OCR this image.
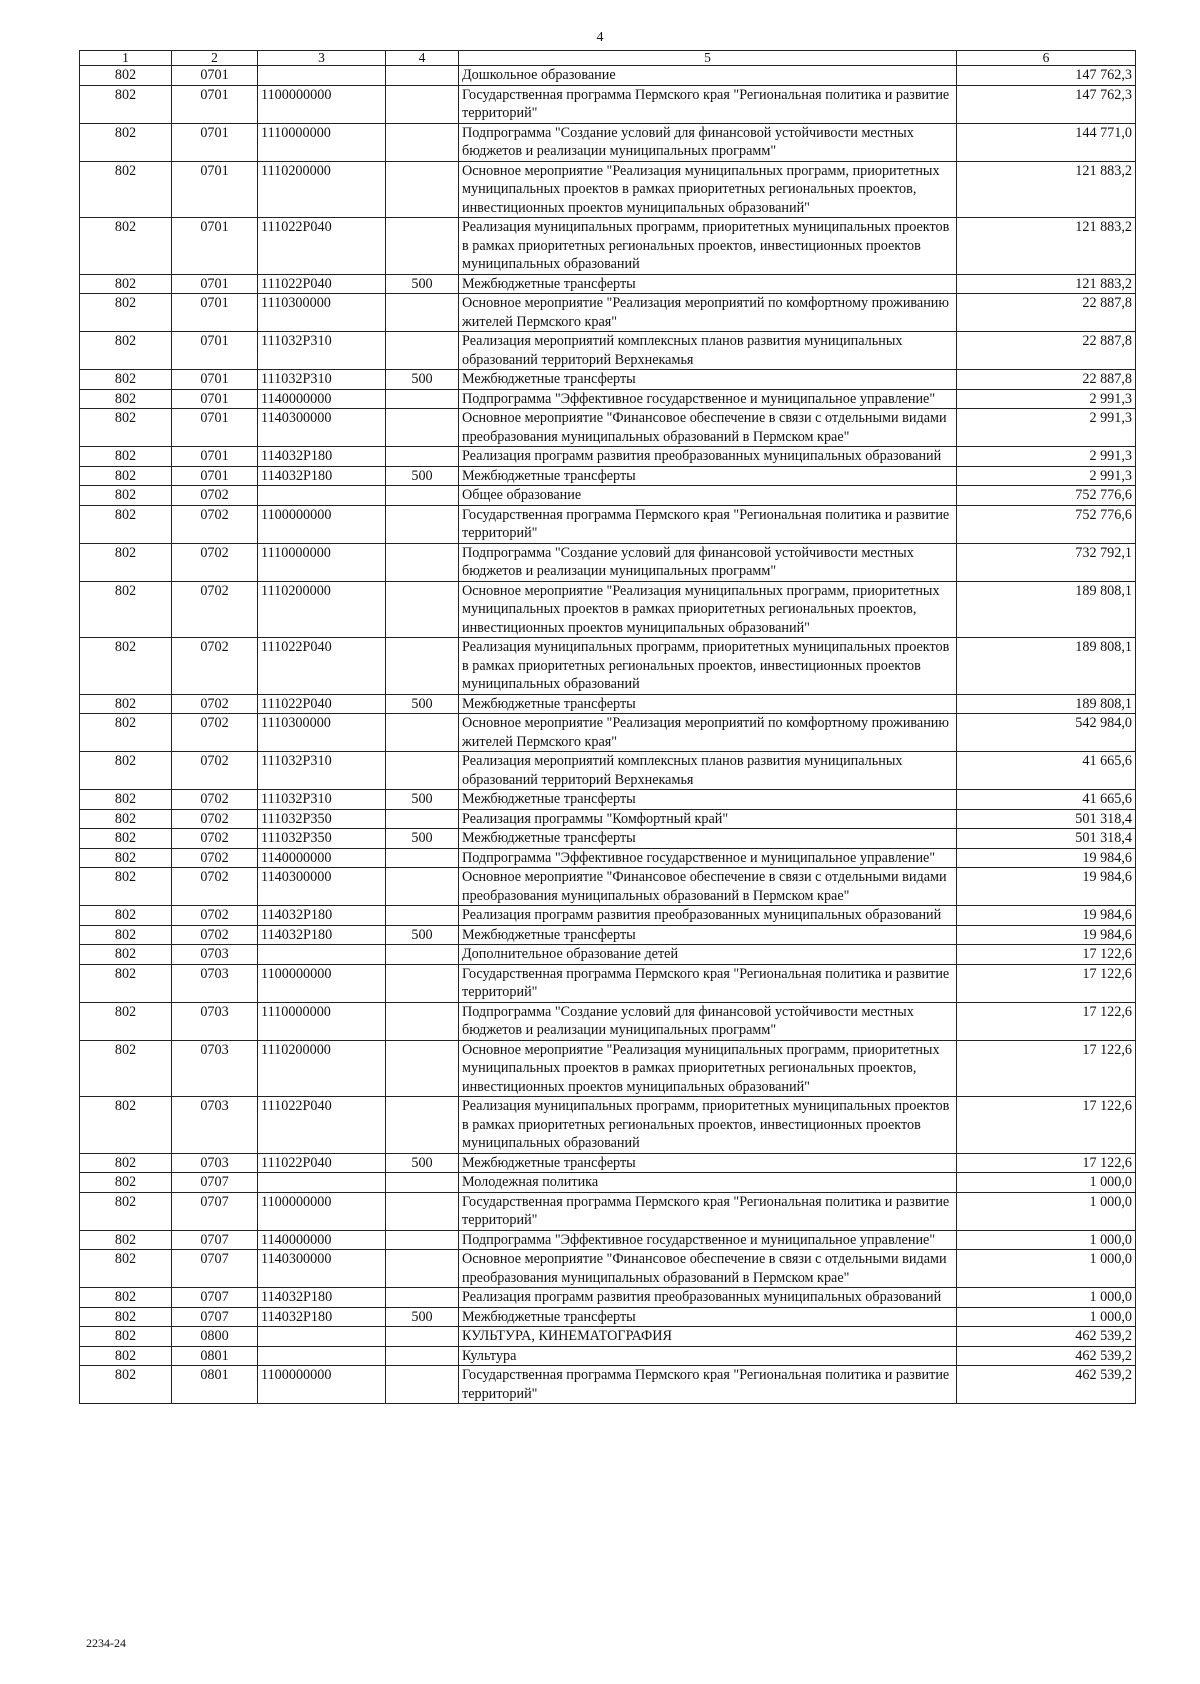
4
1	2	3	4	5	6
802	0701			Дошкольное образование	147 762,3
802	0701	1100000000		Государственная программа Пермского края "Региональная политика и развитие территорий"	147 762,3
802	0701	1110000000		Подпрограмма "Создание условий для финансовой устойчивости местных бюджетов и реализации муниципальных программ"	144 771,0
802	0701	1110200000		Основное мероприятие "Реализация муниципальных программ, приоритетных муниципальных проектов в рамках приоритетных региональных проектов, инвестиционных проектов муниципальных образований"	121 883,2
802	0701	111022P040		Реализация муниципальных программ, приоритетных муниципальных проектов в рамках приоритетных региональных проектов, инвестиционных проектов муниципальных образований	121 883,2
802	0701	111022P040	500	Межбюджетные трансферты	121 883,2
802	0701	1110300000		Основное мероприятие "Реализация мероприятий по комфортному проживанию жителей Пермского края"	22 887,8
802	0701	111032P310		Реализация мероприятий комплексных планов развития муниципальных образований территорий Верхнекамья	22 887,8
802	0701	111032P310	500	Межбюджетные трансферты	22 887,8
802	0701	1140000000		Подпрограмма "Эффективное государственное и муниципальное управление"	2 991,3
802	0701	1140300000		Основное мероприятие "Финансовое обеспечение в связи с отдельными видами преобразования муниципальных образований в Пермском крае"	2 991,3
802	0701	114032P180		Реализация программ развития преобразованных муниципальных образований	2 991,3
802	0701	114032P180	500	Межбюджетные трансферты	2 991,3
802	0702			Общее образование	752 776,6
802	0702	1100000000		Государственная программа Пермского края "Региональная политика и развитие территорий"	752 776,6
802	0702	1110000000		Подпрограмма "Создание условий для финансовой устойчивости местных бюджетов и реализации муниципальных программ"	732 792,1
802	0702	1110200000		Основное мероприятие "Реализация муниципальных программ, приоритетных муниципальных проектов в рамках приоритетных региональных проектов, инвестиционных проектов муниципальных образований"	189 808,1
802	0702	111022P040		Реализация муниципальных программ, приоритетных муниципальных проектов в рамках приоритетных региональных проектов, инвестиционных проектов муниципальных образований	189 808,1
802	0702	111022P040	500	Межбюджетные трансферты	189 808,1
802	0702	1110300000		Основное мероприятие "Реализация мероприятий по комфортному проживанию жителей Пермского края"	542 984,0
802	0702	111032P310		Реализация мероприятий комплексных планов развития муниципальных образований территорий Верхнекамья	41 665,6
802	0702	111032P310	500	Межбюджетные трансферты	41 665,6
802	0702	111032P350		Реализация программы "Комфортный край"	501 318,4
802	0702	111032P350	500	Межбюджетные трансферты	501 318,4
802	0702	1140000000		Подпрограмма "Эффективное государственное и муниципальное управление"	19 984,6
802	0702	1140300000		Основное мероприятие "Финансовое обеспечение в связи с отдельными видами преобразования муниципальных образований в Пермском крае"	19 984,6
802	0702	114032P180		Реализация программ развития преобразованных муниципальных образований	19 984,6
802	0702	114032P180	500	Межбюджетные трансферты	19 984,6
802	0703			Дополнительное образование детей	17 122,6
802	0703	1100000000		Государственная программа Пермского края "Региональная политика и развитие территорий"	17 122,6
802	0703	1110000000		Подпрограмма "Создание условий для финансовой устойчивости местных бюджетов и реализации муниципальных программ"	17 122,6
802	0703	1110200000		Основное мероприятие "Реализация муниципальных программ, приоритетных муниципальных проектов в рамках приоритетных региональных проектов, инвестиционных проектов муниципальных образований"	17 122,6
802	0703	111022P040		Реализация муниципальных программ, приоритетных муниципальных проектов в рамках приоритетных региональных проектов, инвестиционных проектов муниципальных образований	17 122,6
802	0703	111022P040	500	Межбюджетные трансферты	17 122,6
802	0707			Молодежная политика	1 000,0
802	0707	1100000000		Государственная программа Пермского края "Региональная политика и развитие территорий"	1 000,0
802	0707	1140000000		Подпрограмма "Эффективное государственное и муниципальное управление"	1 000,0
802	0707	1140300000		Основное мероприятие "Финансовое обеспечение в связи с отдельными видами преобразования муниципальных образований в Пермском крае"	1 000,0
802	0707	114032P180		Реализация программ развития преобразованных муниципальных образований	1 000,0
802	0707	114032P180	500	Межбюджетные трансферты	1 000,0
802	0800			КУЛЬТУРА, КИНЕМАТОГРАФИЯ	462 539,2
802	0801			Культура	462 539,2
802	0801	1100000000		Государственная программа Пермского края "Региональная политика и развитие территорий"	462 539,2
2234-24
